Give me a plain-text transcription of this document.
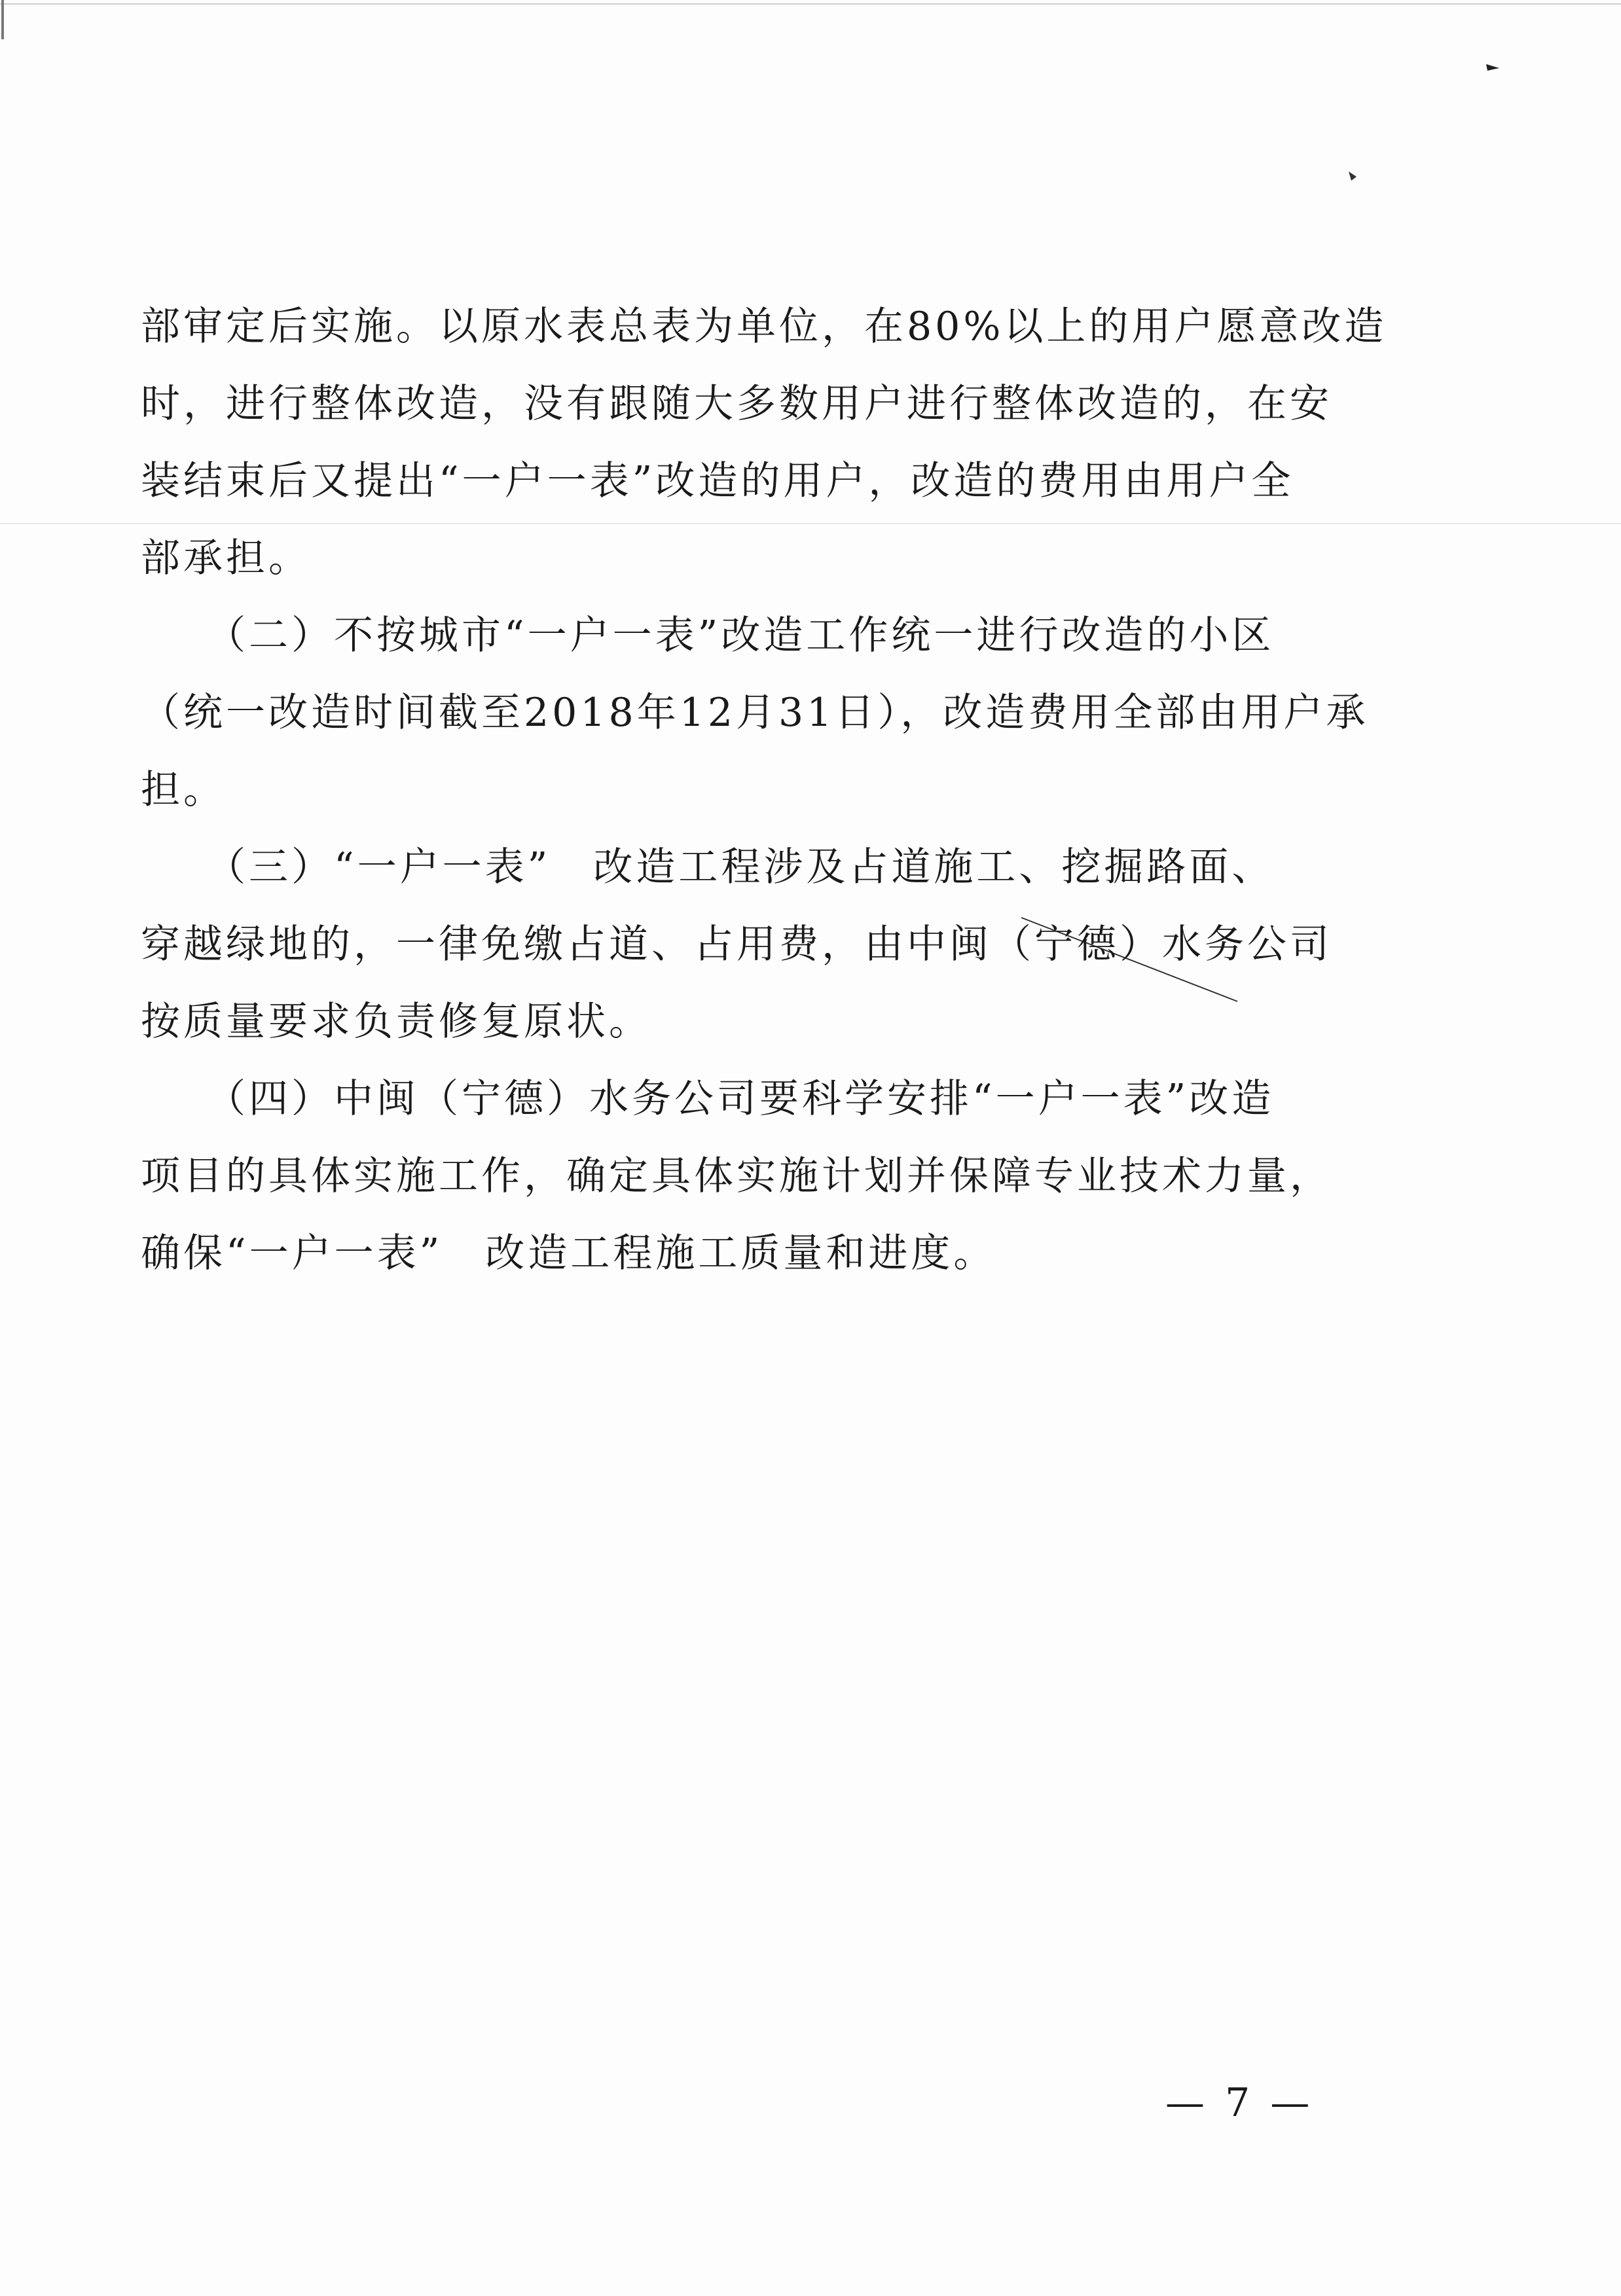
部审定后实施。以原水表总表为单位，在80%以上的用户愿意改造
时，进行整体改造，没有跟随大多数用户进行整体改造的，在安
装结束后又提出“一户一表”改造的用户，改造的费用由用户全
部承担。
　　（二）不按城市“一户一表”改造工作统一进行改造的小区
（统一改造时间截至2018年12月31日），改造费用全部由用户承
担。
　　（三）“一户一表”　改造工程涉及占道施工、挖掘路面、
穿越绿地的，一律免缴占道、占用费，由中闽（宁德）水务公司
按质量要求负责修复原状。
　　（四）中闽（宁德）水务公司要科学安排“一户一表”改造
项目的具体实施工作，确定具体实施计划并保障专业技术力量，
确保“一户一表”　改造工程施工质量和进度。
— 7 —
